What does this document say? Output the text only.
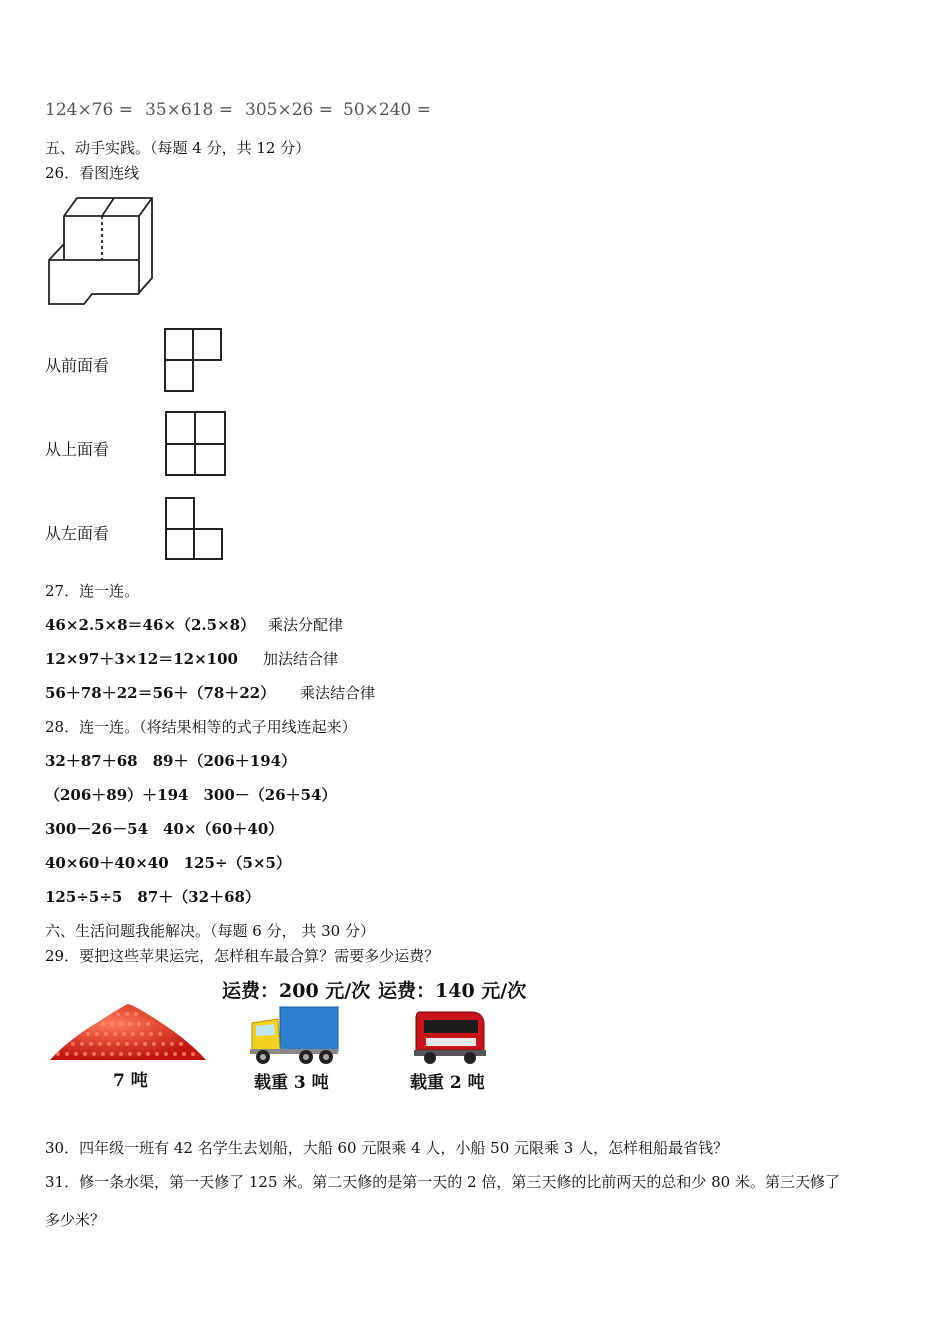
124×76 = 35×618 = 305×26 = 50×240 =
五、动手实践。（每题 4 分，共 12 分）
26．看图连线
从前面看
从上面看
从左面看
27．连一连。
46×2.5×8＝46×（2.5×8） 乘法分配律
12×97＋3×12＝12×100 加法结合律
56＋78＋22＝56＋（78＋22） 乘法结合律
28．连一连。（将结果相等的式子用线连起来）
32＋87＋68　89＋（206＋194）
（206＋89）＋194　300－（26＋54）
300－26－54　40×（60＋40）
40×60＋40×40　125÷（5×5）
125÷5÷5　87＋（32＋68）
六、生活问题我能解决。（每题 6 分， 共 30 分）
29．要把这些苹果运完，怎样租车最合算？需要多少运费？
运费：200 元/次 运费：140 元/次
7 吨	载重 3 吨	载重 2 吨
30．四年级一班有 42 名学生去划船，大船 60 元限乘 4 人，小船 50 元限乘 3 人，怎样租船最省钱？
31．修一条水渠，第一天修了 125 米。第二天修的是第一天的 2 倍，第三天修的比前两天的总和少 80 米。第三天修了
多少米？
